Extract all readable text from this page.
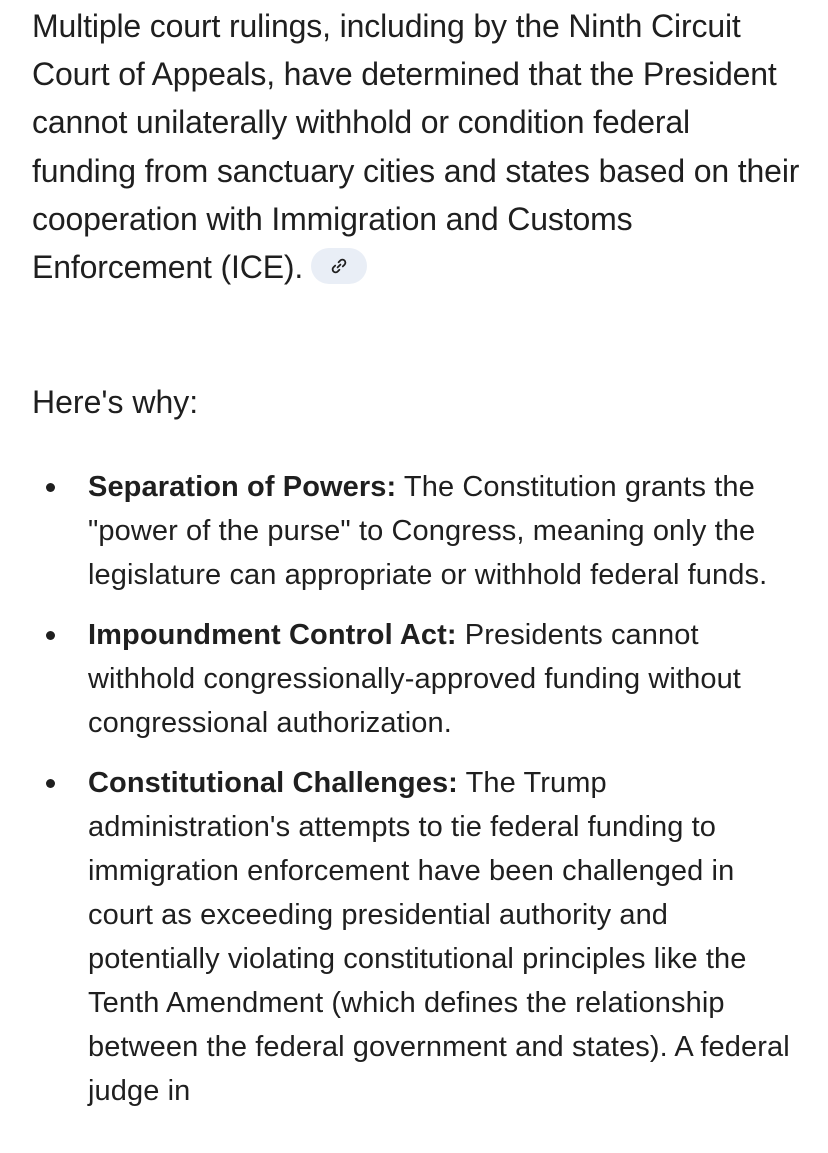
Multiple court rulings, including by the Ninth Circuit Court of Appeals, have determined that the President cannot unilaterally withhold or condition federal funding from sanctuary cities and states based on their cooperation with Immigration and Customs Enforcement (ICE).

Here's why:

Separation of Powers: The Constitution grants the "power of the purse" to Congress, meaning only the legislature can appropriate or withhold federal funds.
Impoundment Control Act: Presidents cannot withhold congressionally-approved funding without congressional authorization.
Constitutional Challenges: The Trump administration's attempts to tie federal funding to immigration enforcement have been challenged in court as exceeding presidential authority and potentially violating constitutional principles like the Tenth Amendment (which defines the relationship between the federal government and states). A federal judge in
